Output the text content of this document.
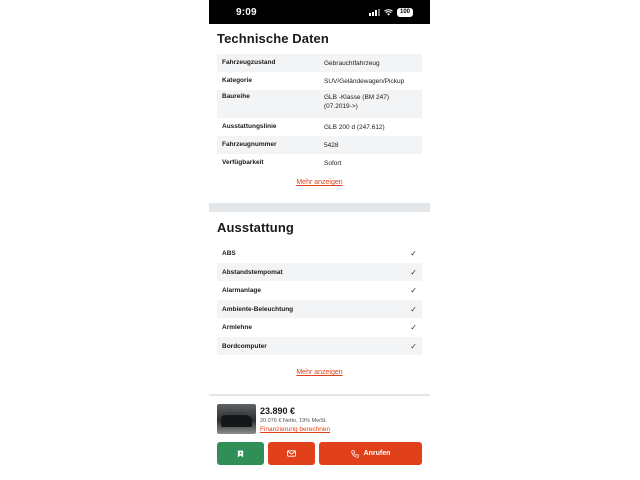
9:09	100
Technische Daten
Fahrzeugzustand	Gebrauchtfahrzeug
Kategorie	SUV/Geländewagen/Pickup
Baureihe	GLB -Klasse (BM 247) (07.2019->)
Ausstattungslinie	GLB 200 d (247.612)
Fahrzeugnummer	5428
Verfügbarkeit	Sofort
Mehr anzeigen
Ausstattung
ABS	✓
Abstandstempomat	✓
Alarmanlage	✓
Ambiente-Beleuchtung	✓
Armlehne	✓
Bordcomputer	✓
Mehr anzeigen
23.890 €
20.076 € Netto, 19% MwSt.
Finanzierung berechnen
Anrufen
